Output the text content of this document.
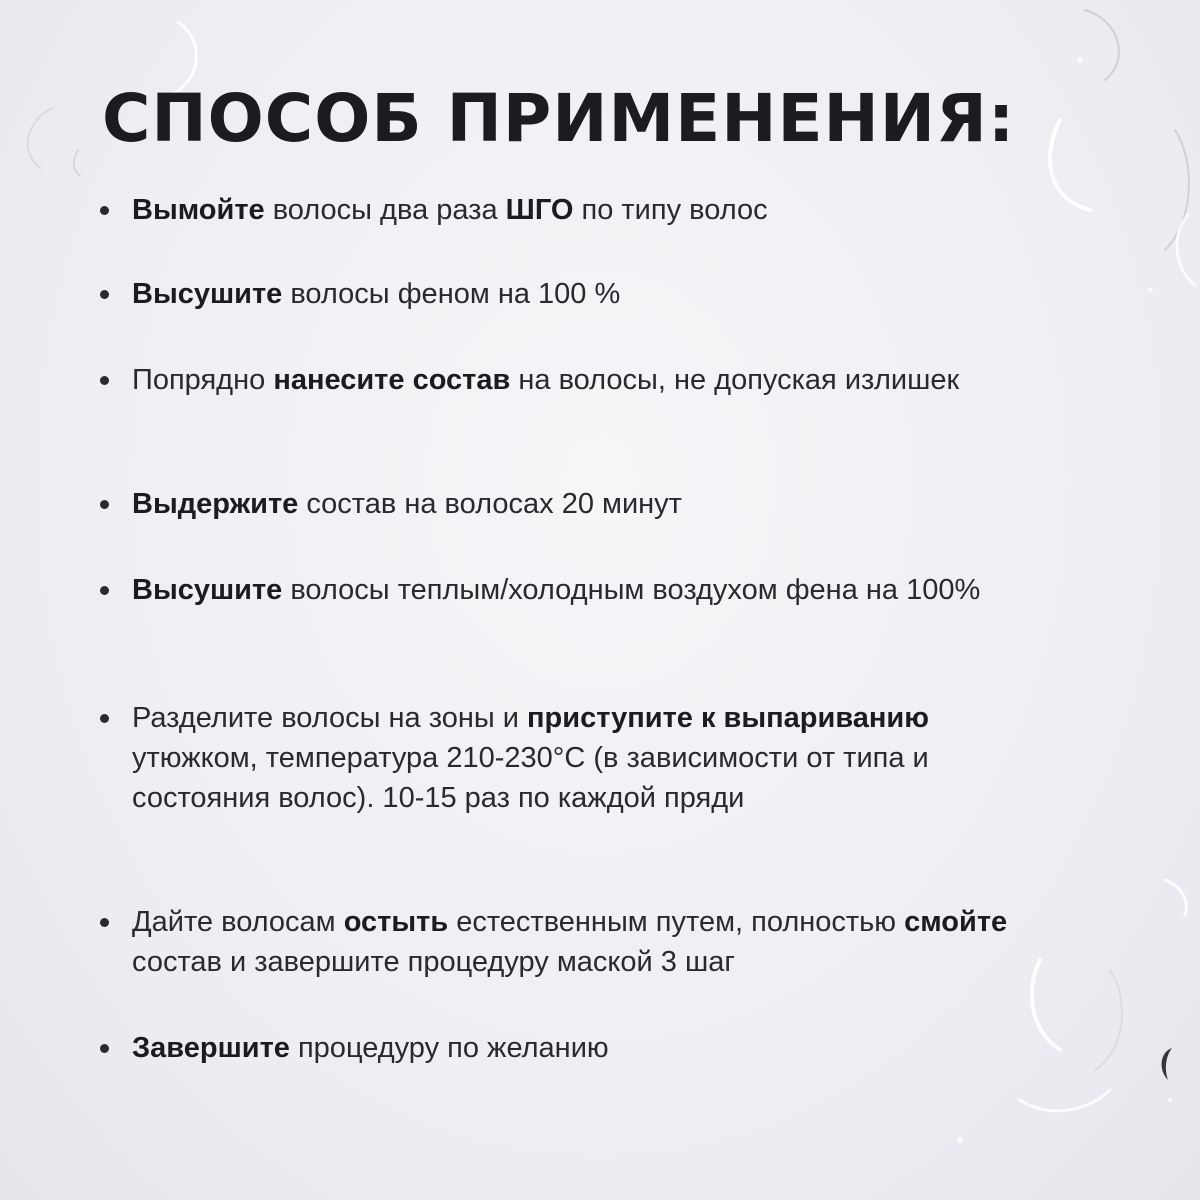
СПОСОБ ПРИМЕНЕНИЯ:
Вымойте волосы два раза ШГО по типу волос
Высушите волосы феном на 100 %
Попрядно нанесите состав на волосы, не допуская излишек
Выдержите состав на волосах 20 минут
Высушите волосы теплым/холодным воздухом фена на 100%
Разделите волосы на зоны и приступите к выпариванию утюжком, температура 210-230°С (в зависимости от типа и состояния волос). 10-15 раз по каждой пряди
Дайте волосам остыть естественным путем, полностью смойте состав и завершите процедуру маской 3 шаг
Завершите процедуру по желанию
